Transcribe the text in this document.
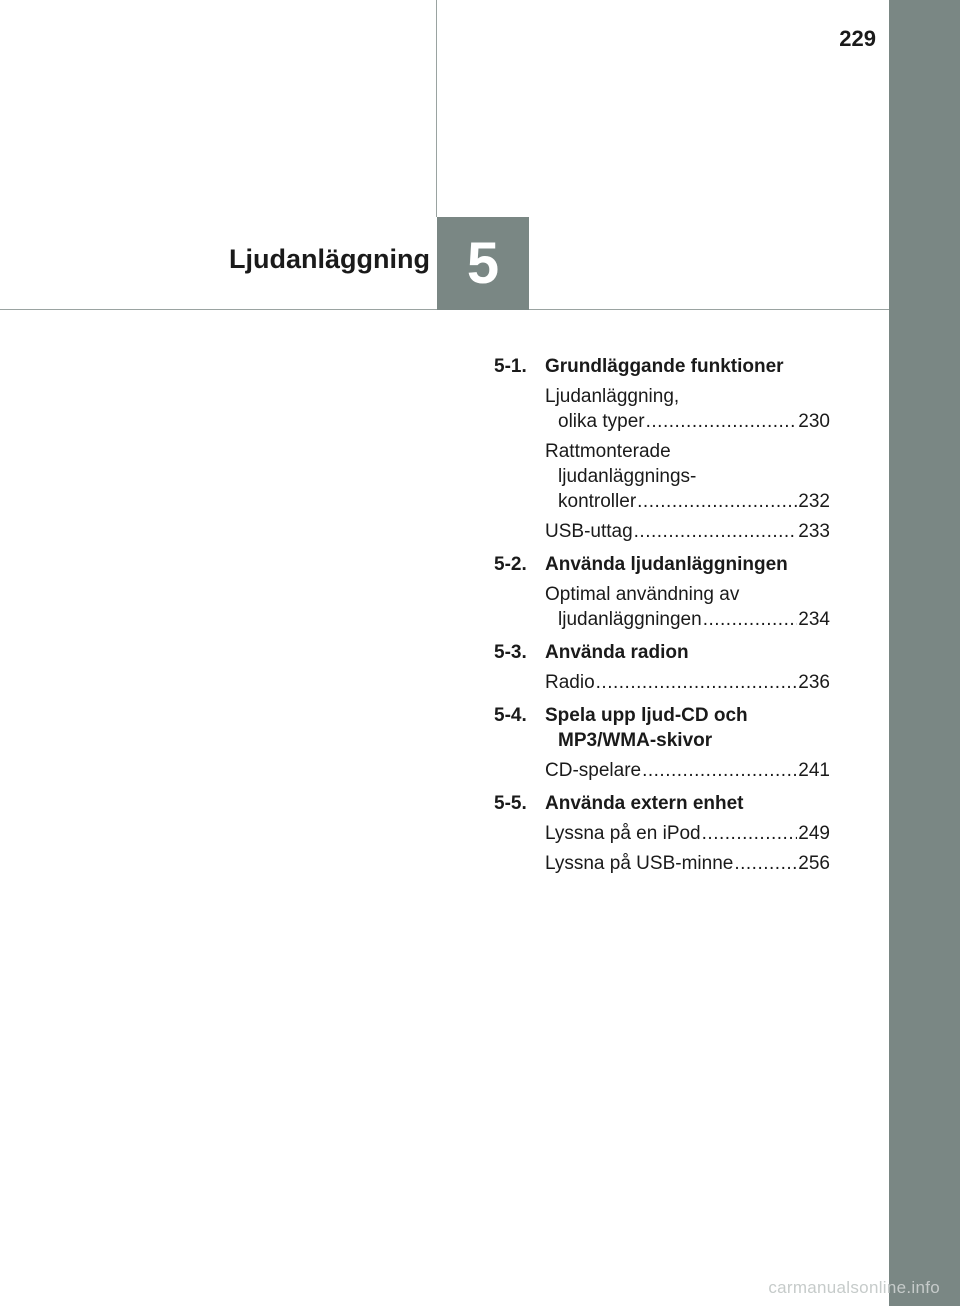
229
5
Ljudanläggning
5-1. Grundläggande funktioner
Ljudanläggning,
olika typer .....	230
Rattmonterade
ljudanläggnings-
kontroller .....	232
USB-uttag .....	233
5-2. Använda ljudanläggningen
Optimal användning av
ljudanläggningen .....	234
5-3. Använda radion
Radio .....	236
5-4. Spela upp ljud-CD och MP3/WMA-skivor
CD-spelare .....	241
5-5. Använda extern enhet
Lyssna på en iPod .....	249
Lyssna på USB-minne .....	256
carmanualsonline.info
